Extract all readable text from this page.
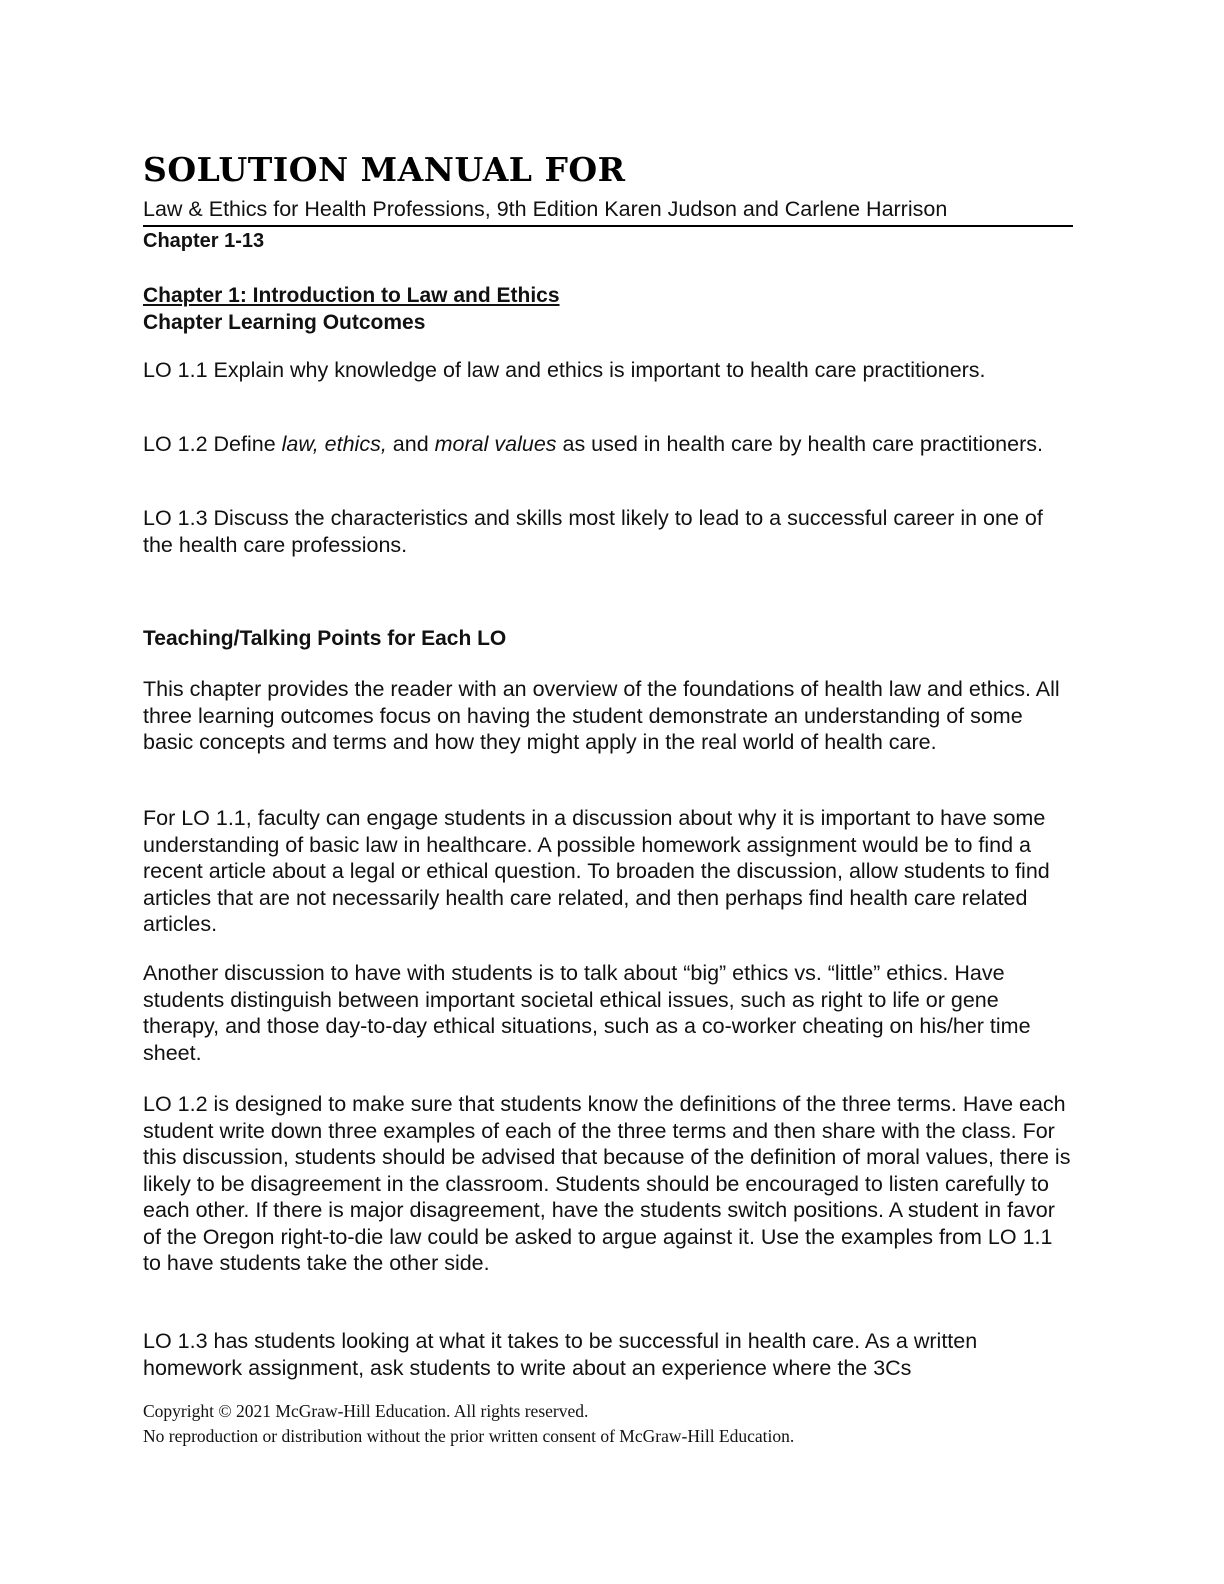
SOLUTION MANUAL FOR
Law & Ethics for Health Professions, 9th Edition Karen Judson and Carlene Harrison
Chapter 1-13
Chapter 1: Introduction to Law and Ethics
Chapter Learning Outcomes

LO 1.1 Explain why knowledge of law and ethics is important to health care practitioners.

LO 1.2 Define law, ethics, and moral values as used in health care by health care practitioners.

LO 1.3 Discuss the characteristics and skills most likely to lead to a successful career in one of the health care professions.

Teaching/Talking Points for Each LO

This chapter provides the reader with an overview of the foundations of health law and ethics. All three learning outcomes focus on having the student demonstrate an understanding of some basic concepts and terms and how they might apply in the real world of health care.

For LO 1.1, faculty can engage students in a discussion about why it is important to have some understanding of basic law in healthcare. A possible homework assignment would be to find a recent article about a legal or ethical question. To broaden the discussion, allow students to find articles that are not necessarily health care related, and then perhaps find health care related articles.

Another discussion to have with students is to talk about “big” ethics vs. “little” ethics. Have students distinguish between important societal ethical issues, such as right to life or gene therapy, and those day-to-day ethical situations, such as a co-worker cheating on his/her time sheet.

LO 1.2 is designed to make sure that students know the definitions of the three terms. Have each student write down three examples of each of the three terms and then share with the class. For this discussion, students should be advised that because of the definition of moral values, there is likely to be disagreement in the classroom. Students should be encouraged to listen carefully to each other. If there is major disagreement, have the students switch positions. A student in favor of the Oregon right-to-die law could be asked to argue against it. Use the examples from LO 1.1 to have students take the other side.

LO 1.3 has students looking at what it takes to be successful in health care. As a written homework assignment, ask students to write about an experience where the 3Cs

Copyright © 2021 McGraw-Hill Education. All rights reserved.
No reproduction or distribution without the prior written consent of McGraw-Hill Education.
